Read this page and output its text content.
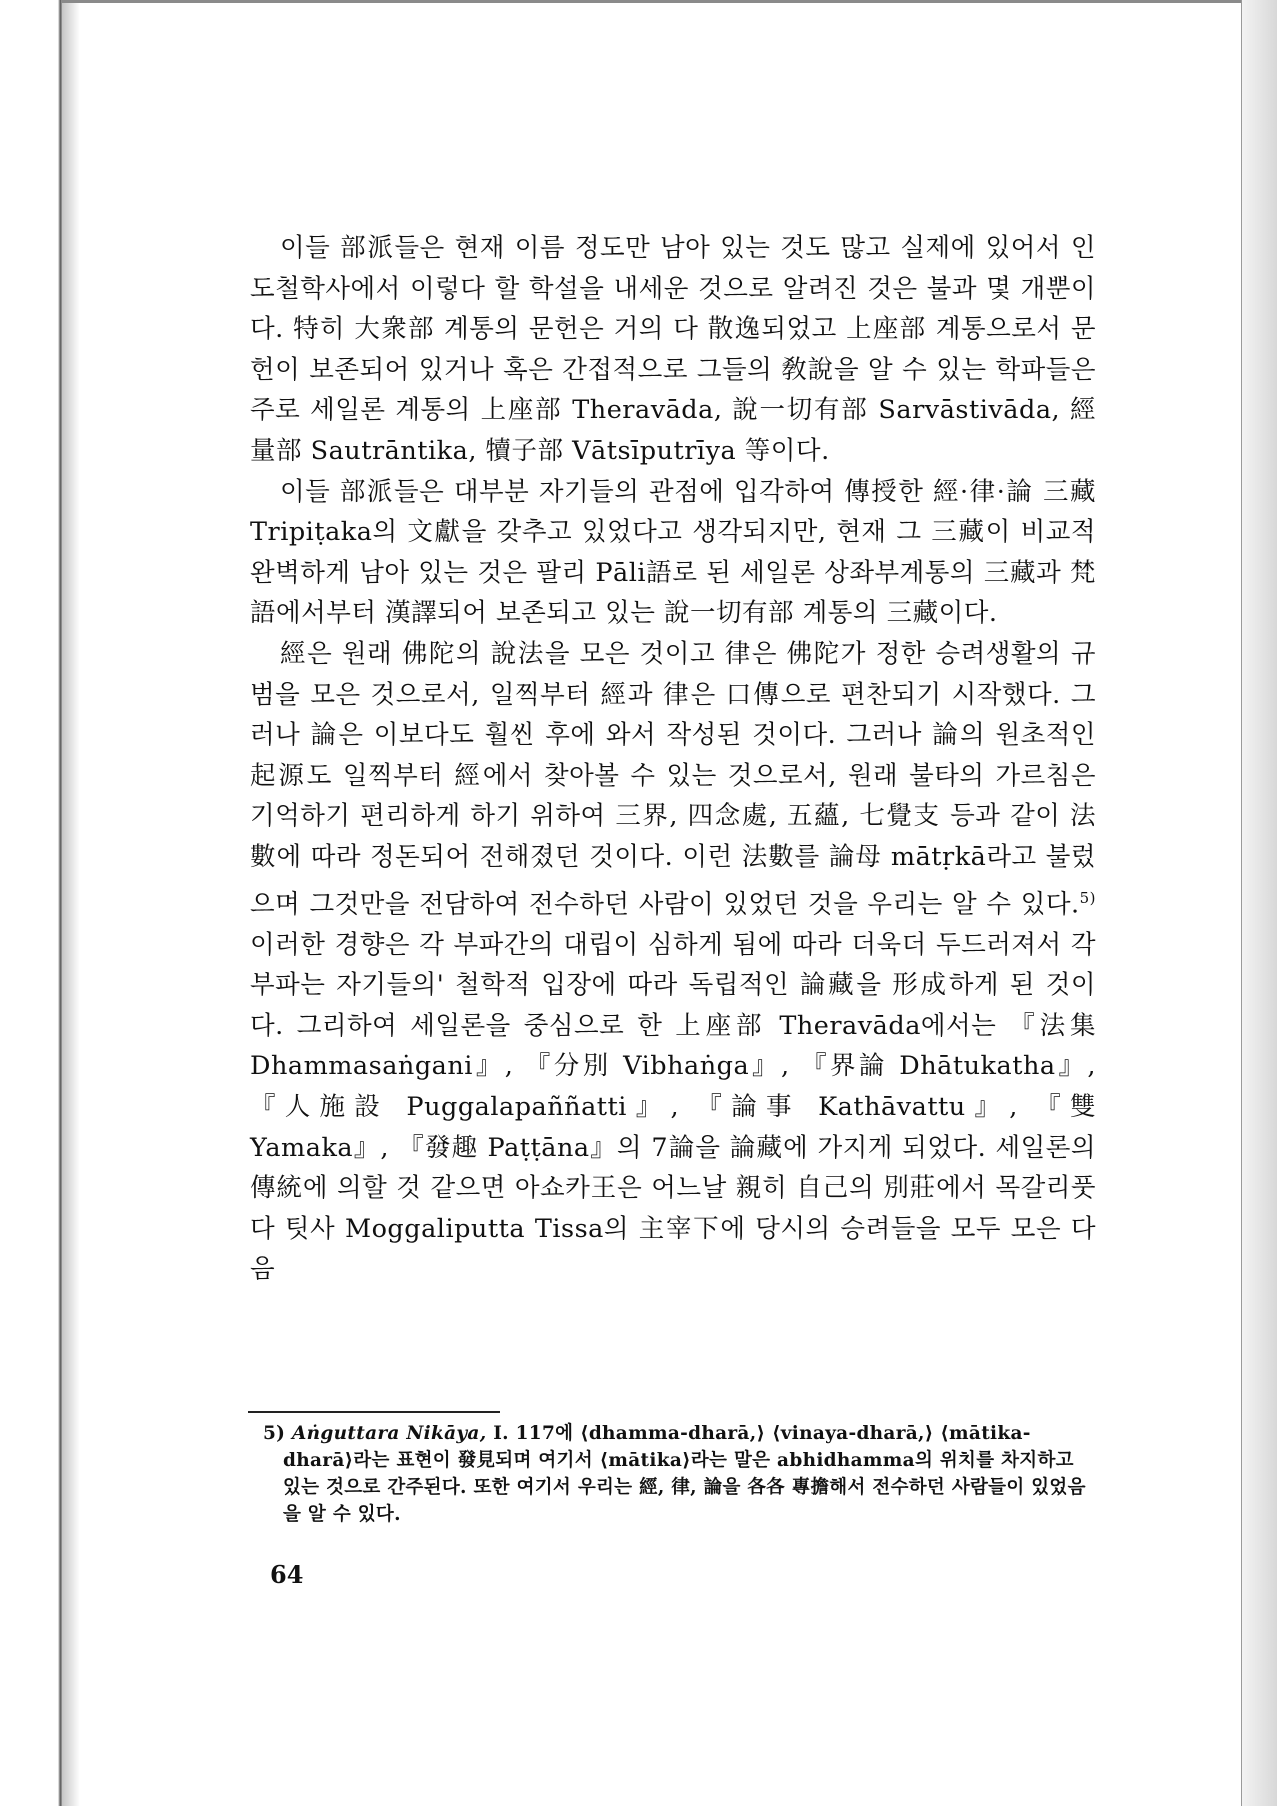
이들 部派들은 현재 이름 정도만 남아 있는 것도 많고 실제에 있어서 인도철학사에서 이렇다 할 학설을 내세운 것으로 알려진 것은 불과 몇 개뿐이다. 特히 大衆部 계통의 문헌은 거의 다 散逸되었고 上座部 계통으로서 문헌이 보존되어 있거나 혹은 간접적으로 그들의 敎說을 알 수 있는 학파들은 주로 세일론 계통의 上座部 Theravāda, 說一切有部 Sarvāstivāda, 經量部 Sautrāntika, 犢子部 Vātsīputrīya 等이다.

이들 部派들은 대부분 자기들의 관점에 입각하여 傳授한 經·律·論 三藏 Tripiṭaka의 文獻을 갖추고 있었다고 생각되지만, 현재 그 三藏이 비교적 완벽하게 남아 있는 것은 팔리 Pāli語로 된 세일론 상좌부계통의 三藏과 梵語에서부터 漢譯되어 보존되고 있는 說一切有部 계통의 三藏이다.

經은 원래 佛陀의 說法을 모은 것이고 律은 佛陀가 정한 승려생활의 규범을 모은 것으로서, 일찍부터 經과 律은 口傳으로 편찬되기 시작했다. 그러나 論은 이보다도 훨씬 후에 와서 작성된 것이다. 그러나 論의 원초적인 起源도 일찍부터 經에서 찾아볼 수 있는 것으로서, 원래 불타의 가르침은 기억하기 편리하게 하기 위하여 三界, 四念處, 五蘊, 七覺支 등과 같이 法數에 따라 정돈되어 전해졌던 것이다. 이런 法數를 論母 mātṛkā라고 불렀으며 그것만을 전담하여 전수하던 사람이 있었던 것을 우리는 알 수 있다.$^{5)}$ 이러한 경향은 각 부파간의 대립이 심하게 됨에 따라 더욱더 두드러져서 각 부파는 자기들의' 철학적 입장에 따라 독립적인 論藏을 形成하게 된 것이다. 그리하여 세일론을 중심으로 한 上座部 Theravāda에서는 『法集 Dhammasaṅgani』, 『分別 Vibhaṅga』, 『界論 Dhātukatha』, 『人施設 Puggalapaññatti』, 『論事 Kathāvattu』, 『雙 Yamaka』, 『發趣 Paṭṭāna』의 7論을 論藏에 가지게 되었다. 세일론의 傳統에 의할 것 같으면 아쇼카王은 어느날 親히 自己의 別莊에서 목갈리풋다 팃사 Moggaliputta Tissa의 主宰下에 당시의 승려들을 모두 모은 다음

5) Aṅguttara Nikāya, I. 117에 ⟨dhamma-dharā,⟩ ⟨vinaya-dharā,⟩ ⟨mātika-

dharā⟩라는 표현이 發見되며 여기서 ⟨mātika⟩라는 말은 abhidhamma의 위치를 차지하고 있는 것으로 간주된다. 또한 여기서 우리는 經, 律, 論을 各各 專擔해서 전수하던 사람들이 있었음을 알 수 있다.

64
